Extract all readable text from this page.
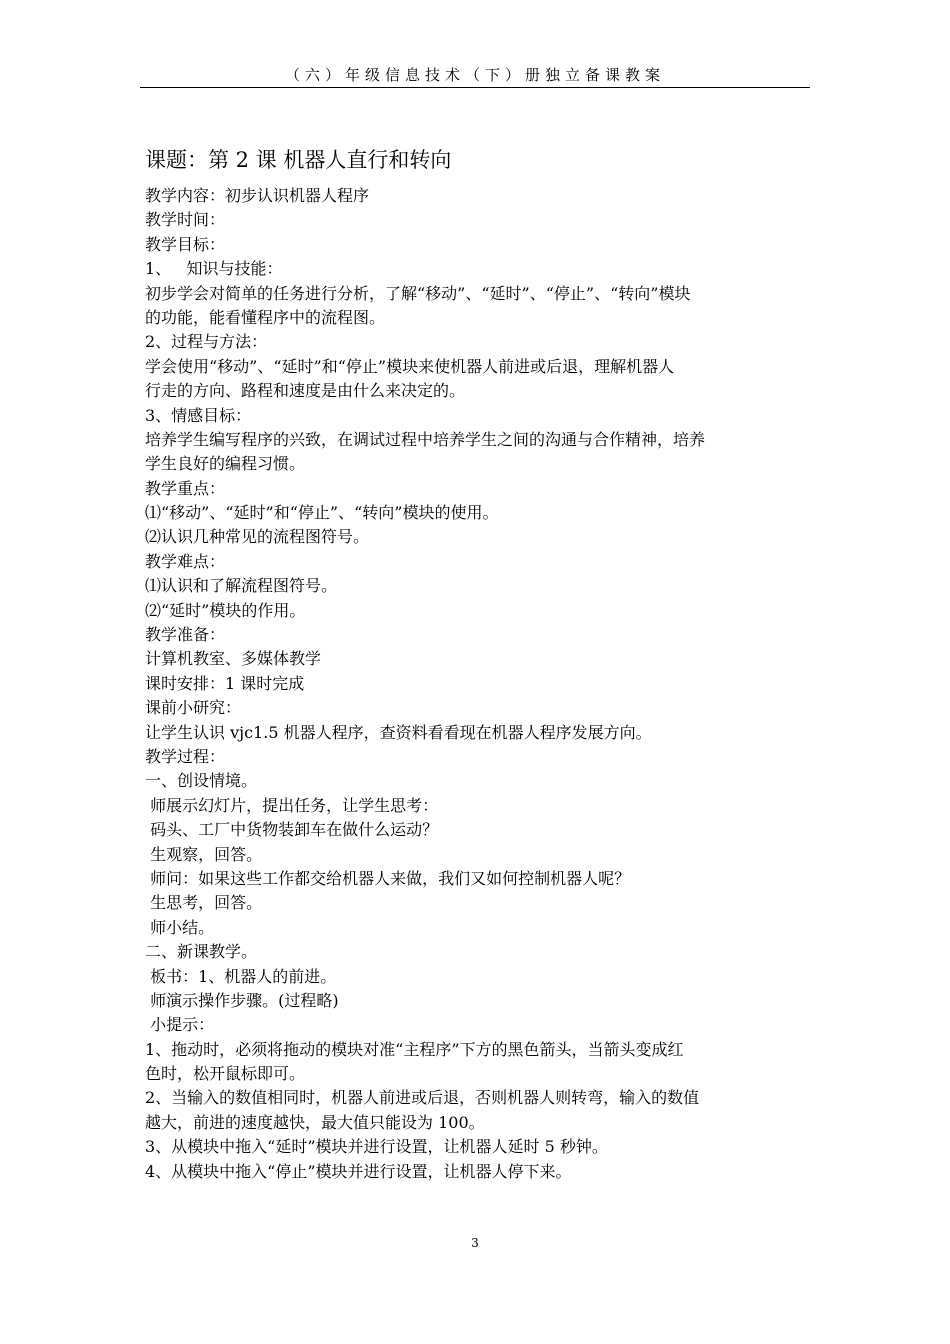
（六）年级信息技术（下）册独立备课教案
课题：第 2 课 机器人直行和转向
教学内容：初步认识机器人程序
教学时间：
教学目标：
1、   知识与技能：
初步学会对简单的任务进行分析，了解“移动”、“延时”、“停止”、“转向”模块
的功能，能看懂程序中的流程图。
2、过程与方法：
学会使用“移动”、“延时”和“停止”模块来使机器人前进或后退，理解机器人
行走的方向、路程和速度是由什么来决定的。
3、情感目标：
培养学生编写程序的兴致，在调试过程中培养学生之间的沟通与合作精神，培养
学生良好的编程习惯。
教学重点：
⑴“移动”、“延时”和“停止”、“转向”模块的使用。
⑵认识几种常见的流程图符号。
教学难点：
⑴认识和了解流程图符号。
⑵“延时”模块的作用。
教学准备：
计算机教室、多媒体教学
课时安排：1 课时完成
课前小研究：
让学生认识 vjc1.5 机器人程序，查资料看看现在机器人程序发展方向。
教学过程：
一、创设情境。
师展示幻灯片，提出任务，让学生思考：
码头、工厂中货物装卸车在做什么运动？
生观察，回答。
师问：如果这些工作都交给机器人来做，我们又如何控制机器人呢？
生思考，回答。
师小结。
二、新课教学。
板书：1、机器人的前进。
师演示操作步骤。(过程略)
小提示：
1、拖动时，必须将拖动的模块对准“主程序”下方的黑色箭头，当箭头变成红
色时，松开鼠标即可。
2、当输入的数值相同时，机器人前进或后退，否则机器人则转弯，输入的数值
越大，前进的速度越快，最大值只能设为 100。
3、从模块中拖入“延时”模块并进行设置，让机器人延时 5 秒钟。
4、从模块中拖入“停止”模块并进行设置，让机器人停下来。
3
